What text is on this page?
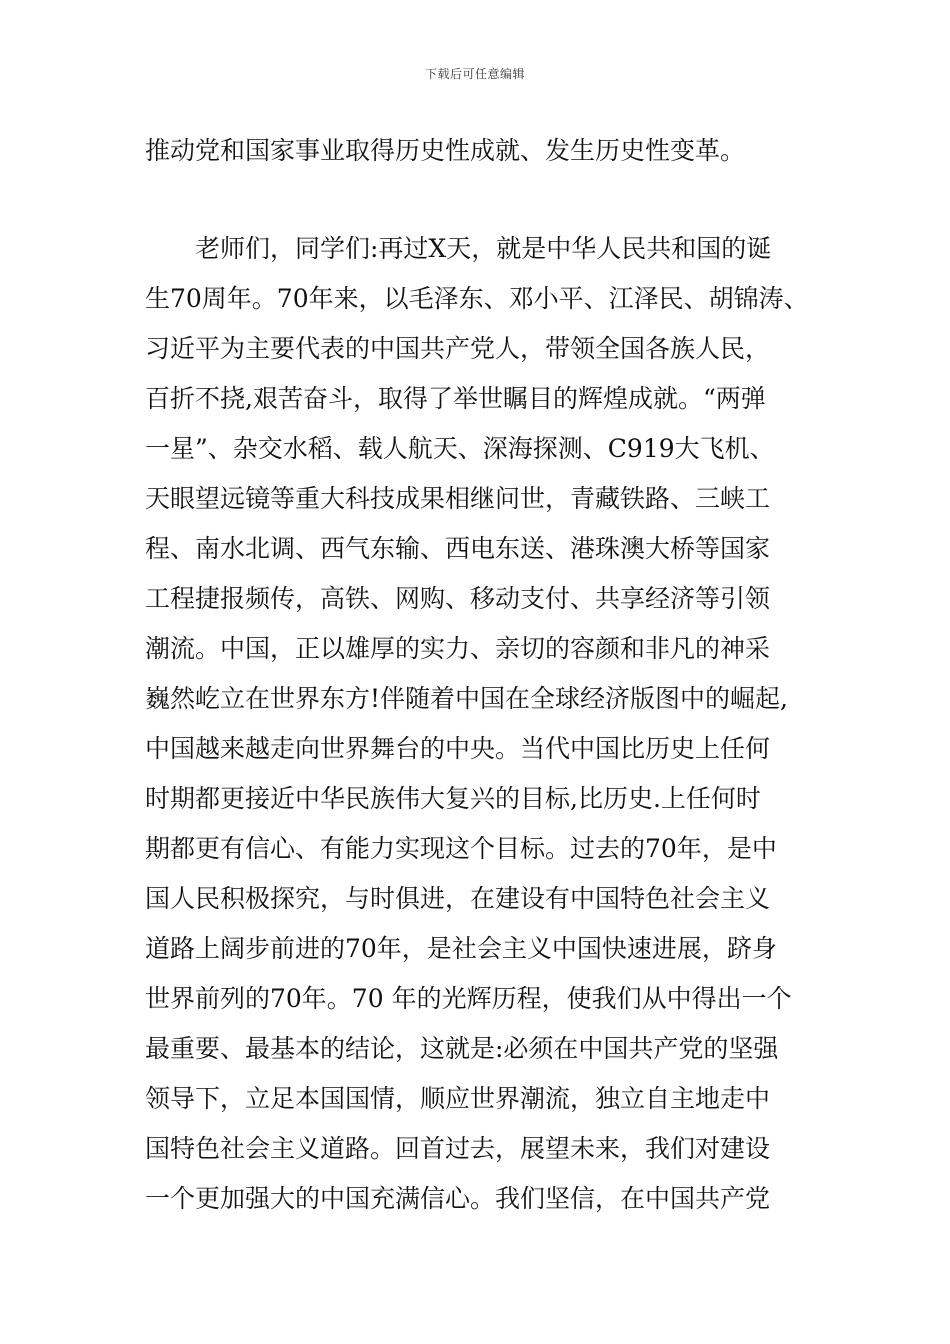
下载后可任意编辑
推动党和国家事业取得历史性成就、发生历史性变革。
　　老师们，同学们:再过X天，就是中华人民共和国的诞
生70周年。70年来，以毛泽东、邓小平、江泽民、胡锦涛、
习近平为主要代表的中国共产党人，带领全国各族人民，
百折不挠,艰苦奋斗，取得了举世瞩目的辉煌成就。“两弹
一星”、杂交水稻、载人航天、深海探测、C919大飞机、
天眼望远镜等重大科技成果相继问世，青藏铁路、三峡工
程、南水北调、西气东输、西电东送、港珠澳大桥等国家
工程捷报频传，高铁、网购、移动支付、共享经济等引领
潮流。中国，正以雄厚的实力、亲切的容颜和非凡的神采
巍然屹立在世界东方!伴随着中国在全球经济版图中的崛起,
中国越来越走向世界舞台的中央。当代中国比历史上任何
时期都更接近中华民族伟大复兴的目标,比历史.上任何时
期都更有信心、有能力实现这个目标。过去的70年，是中
国人民积极探究，与时俱进，在建设有中国特色社会主义
道路上阔步前进的70年，是社会主义中国快速进展，跻身
世界前列的70年。70 年的光辉历程，使我们从中得出一个
最重要、最基本的结论，这就是:必须在中国共产党的坚强
领导下，立足本国国情，顺应世界潮流，独立自主地走中
国特色社会主义道路。回首过去，展望未来，我们对建设
一个更加强大的中国充满信心。我们坚信，在中国共产党
